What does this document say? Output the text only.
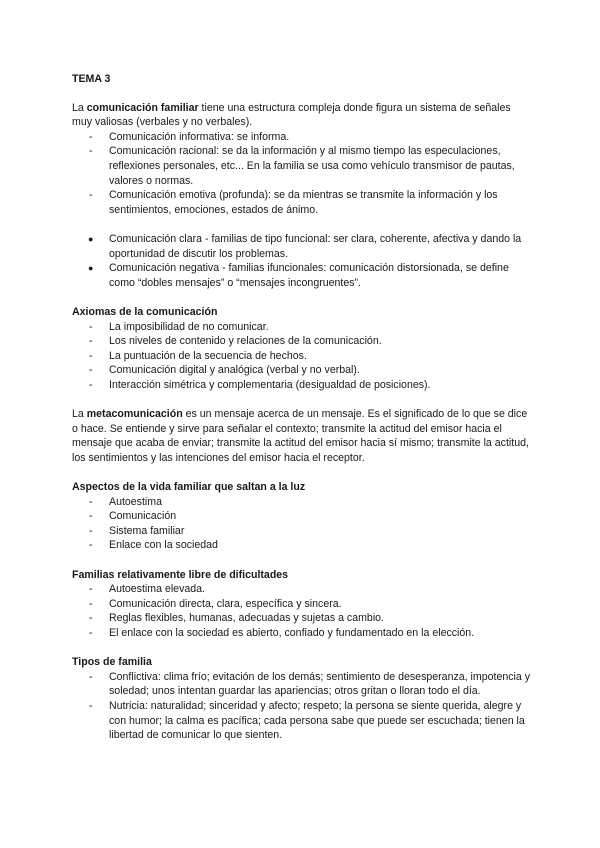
TEMA 3

La comunicación familiar tiene una estructura compleja donde figura un sistema de señales muy valiosas (verbales y no verbales).

- Comunicación informativa: se informa.
- Comunicación racional: se da la información y al mismo tiempo las especulaciones, reflexiones personales, etc... En la familia se usa como vehículo transmisor de pautas, valores o normas.
- Comunicación emotiva (profunda): se da mientras se transmite la información y los sentimientos, emociones, estados de ánimo.
● Comunicación clara - familias de tipo funcional: ser clara, coherente, afectiva y dando la oportunidad de discutir los problemas.
● Comunicación negativa - familias ifuncionales: comunicación distorsionada, se define como “dobles mensajes” o “mensajes incongruentes”.
Axiomas de la comunicación
- La imposibilidad de no comunicar.
- Los niveles de contenido y relaciones de la comunicación.
- La puntuación de la secuencia de hechos.
- Comunicación digital y analógica (verbal y no verbal).
- Interacción simétrica y complementaria (desigualdad de posiciones).

La metacomunicación es un mensaje acerca de un mensaje. Es el significado de lo que se dice o hace. Se entiende y sirve para señalar el contexto; transmite la actitud del emisor hacia el mensaje que acaba de enviar; transmite la actitud del emisor hacia sí mismo; transmite la actitud, los sentimientos y las intenciones del emisor hacia el receptor.

Aspectos de la vida familiar que saltan a la luz
- Autoestima
- Comunicación
- Sistema familiar
- Enlace con la sociedad
Familias relativamente libre de dificultades
- Autoestima elevada.
- Comunicación directa, clara, específica y sincera.
- Reglas flexibles, humanas, adecuadas y sujetas a cambio.
- El enlace con la sociedad es abierto, confiado y fundamentado en la elección.
Tipos de familia
- Conflictiva: clima frío; evitación de los demás; sentimiento de desesperanza, impotencia y soledad; unos intentan guardar las apariencias; otros gritan o lloran todo el día.
- Nutricia: naturalidad; sinceridad y afecto; respeto; la persona se siente querida, alegre y con humor; la calma es pacífica; cada persona sabe que puede ser escuchada; tienen la libertad de comunicar lo que sienten.
